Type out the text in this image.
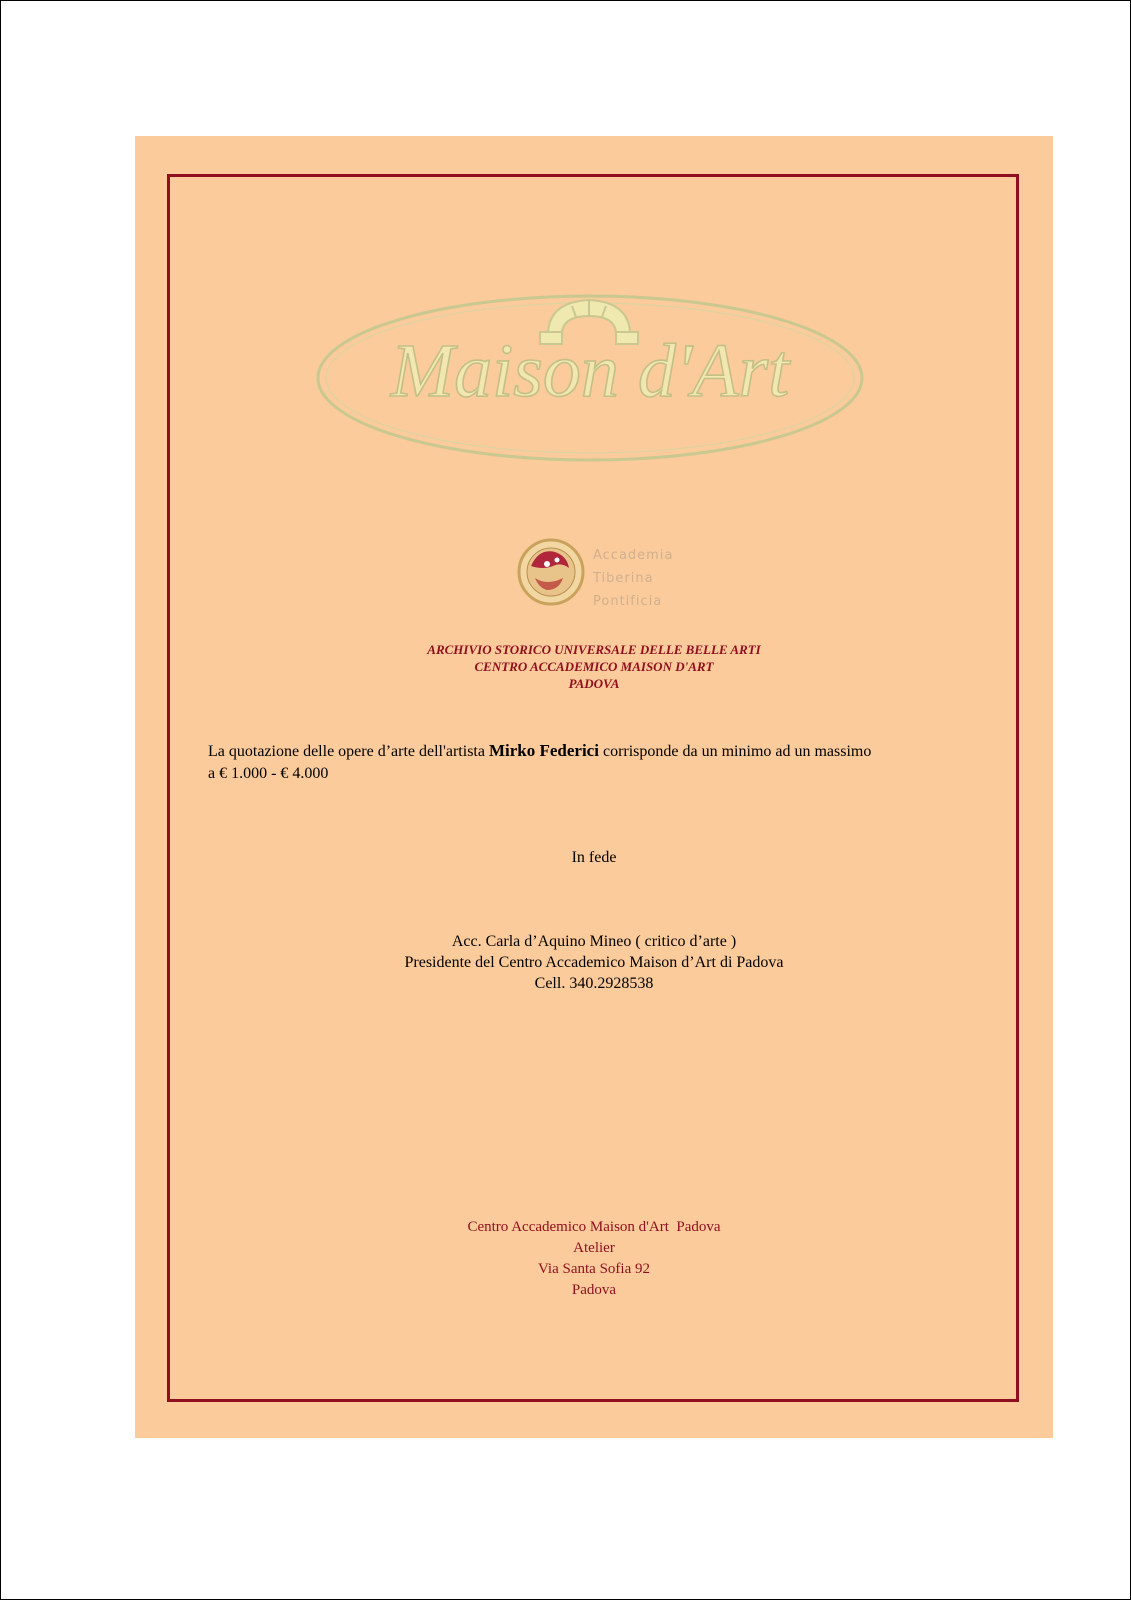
Maison d'Art
Accademia
Tiberina
Pontificia
ARCHIVIO STORICO UNIVERSALE DELLE BELLE ARTI
CENTRO ACCADEMICO MAISON D'ART
PADOVA
La quotazione delle opere d’arte dell'artista Mirko Federici corrisponde da un minimo ad un massimo
a € 1.000 - € 4.000
In fede
Acc. Carla d’Aquino Mineo ( critico d’arte )
Presidente del Centro Accademico Maison d’Art di Padova
Cell. 340.2928538
Centro Accademico Maison d'Art  Padova
Atelier
Via Santa Sofia 92
Padova
